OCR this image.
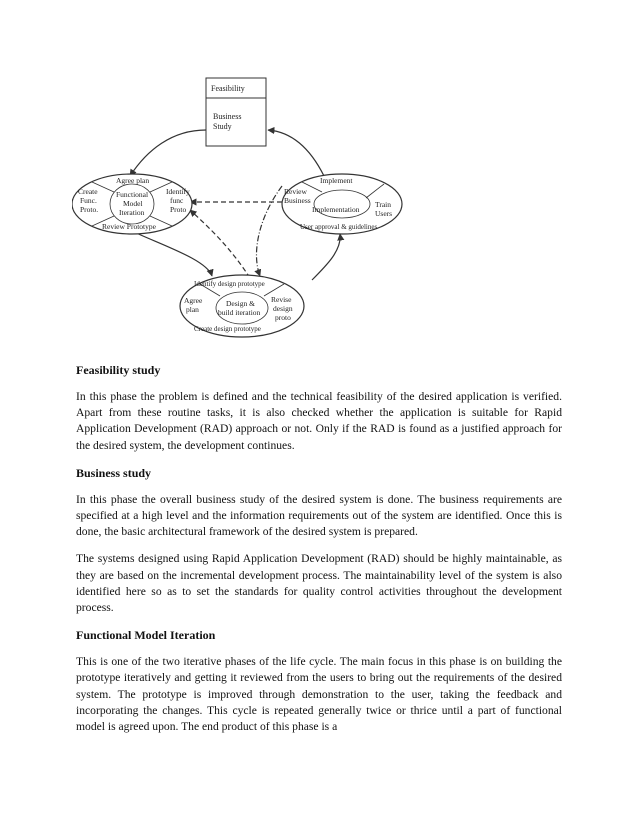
Feasibility
Business
Study
Agree plan
Create
Func.
Proto.
Functional
Model
Iteration
Identify
func
Proto
Review Prototype
Implement
Review
Business
Implementation
Train
Users
User approval & guidelines
Identify design prototype
Agree
plan
Design &
build iteration
Revise
design
proto
Create design prototype
Feasibility study
In this phase the problem is defined and the technical feasibility of the desired application is verified. Apart from these routine tasks, it is also checked whether the application is suitable for Rapid Application Development (RAD) approach or not. Only if the RAD is found as a justified approach for the desired system, the development continues.
Business study
In this phase the overall business study of the desired system is done. The business requirements are specified at a high level and the information requirements out of the system are identified. Once this is done, the basic architectural framework of the desired system is prepared.
The systems designed using Rapid Application Development (RAD) should be highly maintainable, as they are based on the incremental development process. The maintainability level of the system is also identified here so as to set the standards for quality control activities throughout the development process.
Functional Model Iteration
This is one of the two iterative phases of the life cycle. The main focus in this phase is on building the prototype iteratively and getting it reviewed from the users to bring out the requirements of the desired system. The prototype is improved through demonstration to the user, taking the feedback and incorporating the changes. This cycle is repeated generally twice or thrice until a part of functional model is agreed upon. The end product of this phase is a
